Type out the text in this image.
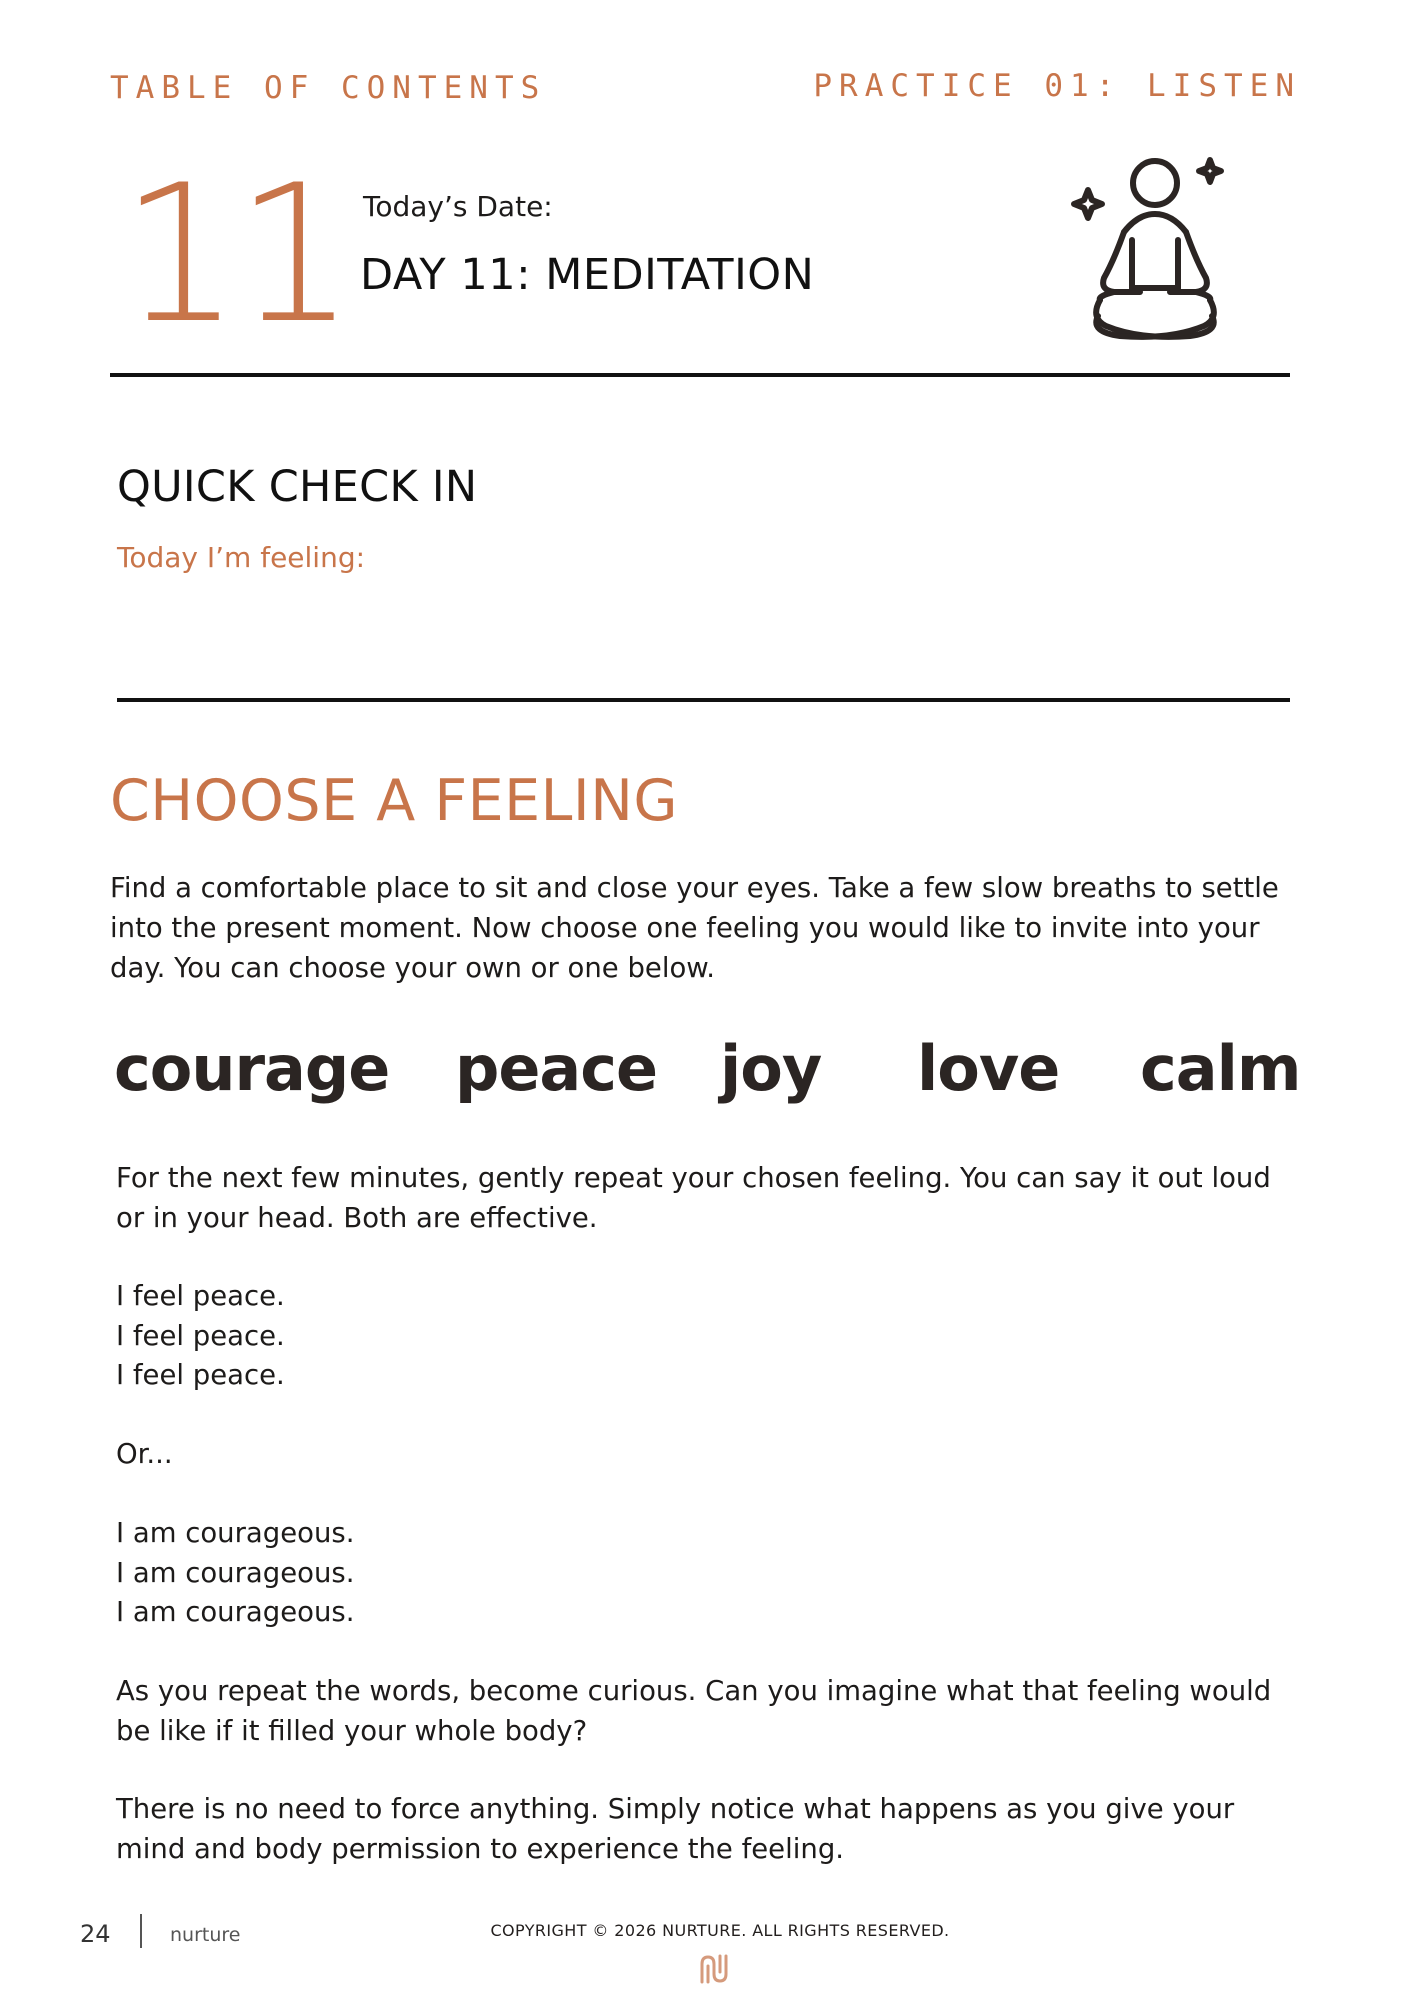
TABLE OF CONTENTS	PRACTICE 01: LISTEN
11 Today’s Date:
DAY 11: MEDITATION
QUICK CHECK IN
Today I’m feeling:
CHOOSE A FEELING
Find a comfortable place to sit and close your eyes. Take a few slow breaths to settle into the present moment. Now choose one feeling you would like to invite into your day. You can choose your own or one below.
courage peace joy love calm
For the next few minutes, gently repeat your chosen feeling. You can say it out loud or in your head. Both are effective.
I feel peace.
I feel peace.
I feel peace.
Or...
I am courageous.
I am courageous.
I am courageous.
As you repeat the words, become curious. Can you imagine what that feeling would be like if it filled your whole body?
There is no need to force anything. Simply notice what happens as you give your mind and body permission to experience the feeling.
24	nurture	COPYRIGHT © 2026 NURTURE. ALL RIGHTS RESERVED.
